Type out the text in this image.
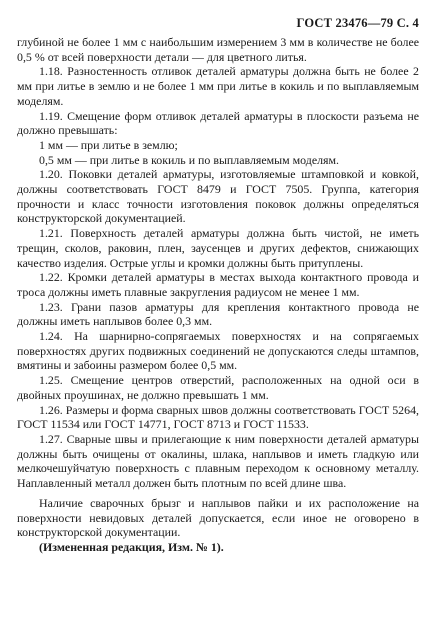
ГОСТ 23476—79 С. 4

глубиной не более 1 мм с наибольшим измерением 3 мм в количестве не более 0,5 % от всей поверхности детали — для цветного литья.

1.18. Разностенность отливок деталей арматуры должна быть не более 2 мм при литье в землю и не более 1 мм при литье в кокиль и по выплавляемым моделям.

1.19. Смещение форм отливок деталей арматуры в плоскости разъема не должно превышать:

1 мм — при литье в землю;

0,5 мм — при литье в кокиль и по выплавляемым моделям.

1.20. Поковки деталей арматуры, изготовляемые штамповкой и ковкой, должны соответствовать ГОСТ 8479 и ГОСТ 7505. Группа, категория прочности и класс точности изготовления поковок должны определяться конструкторской документацией.

1.21. Поверхность деталей арматуры должна быть чистой, не иметь трещин, сколов, раковин, плен, заусенцев и других дефектов, снижающих качество изделия. Острые углы и кромки должны быть притуплены.

1.22. Кромки деталей арматуры в местах выхода контактного провода и троса должны иметь плавные закругления радиусом не менее 1 мм.

1.23. Грани пазов арматуры для крепления контактного провода не должны иметь наплывов более 0,3 мм.

1.24. На шарнирно-сопрягаемых поверхностях и на сопрягаемых поверхностях других подвижных соединений не допускаются следы штампов, вмятины и забоины размером более 0,5 мм.

1.25. Смещение центров отверстий, расположенных на одной оси в двойных проушинах, не должно превышать 1 мм.

1.26. Размеры и форма сварных швов должны соответствовать ГОСТ 5264, ГОСТ 11534 или ГОСТ 14771, ГОСТ 8713 и ГОСТ 11533.

1.27. Сварные швы и прилегающие к ним поверхности деталей арматуры должны быть очищены от окалины, шлака, наплывов и иметь гладкую или мелкочешуйчатую поверхность с плавным переходом к основному металлу. Наплавленный металл должен быть плотным по всей длине шва.

Наличие сварочных брызг и наплывов пайки и их расположение на поверхности невидовых деталей допускается, если иное не оговорено в конструкторской документации.

(Измененная редакция, Изм. № 1).
